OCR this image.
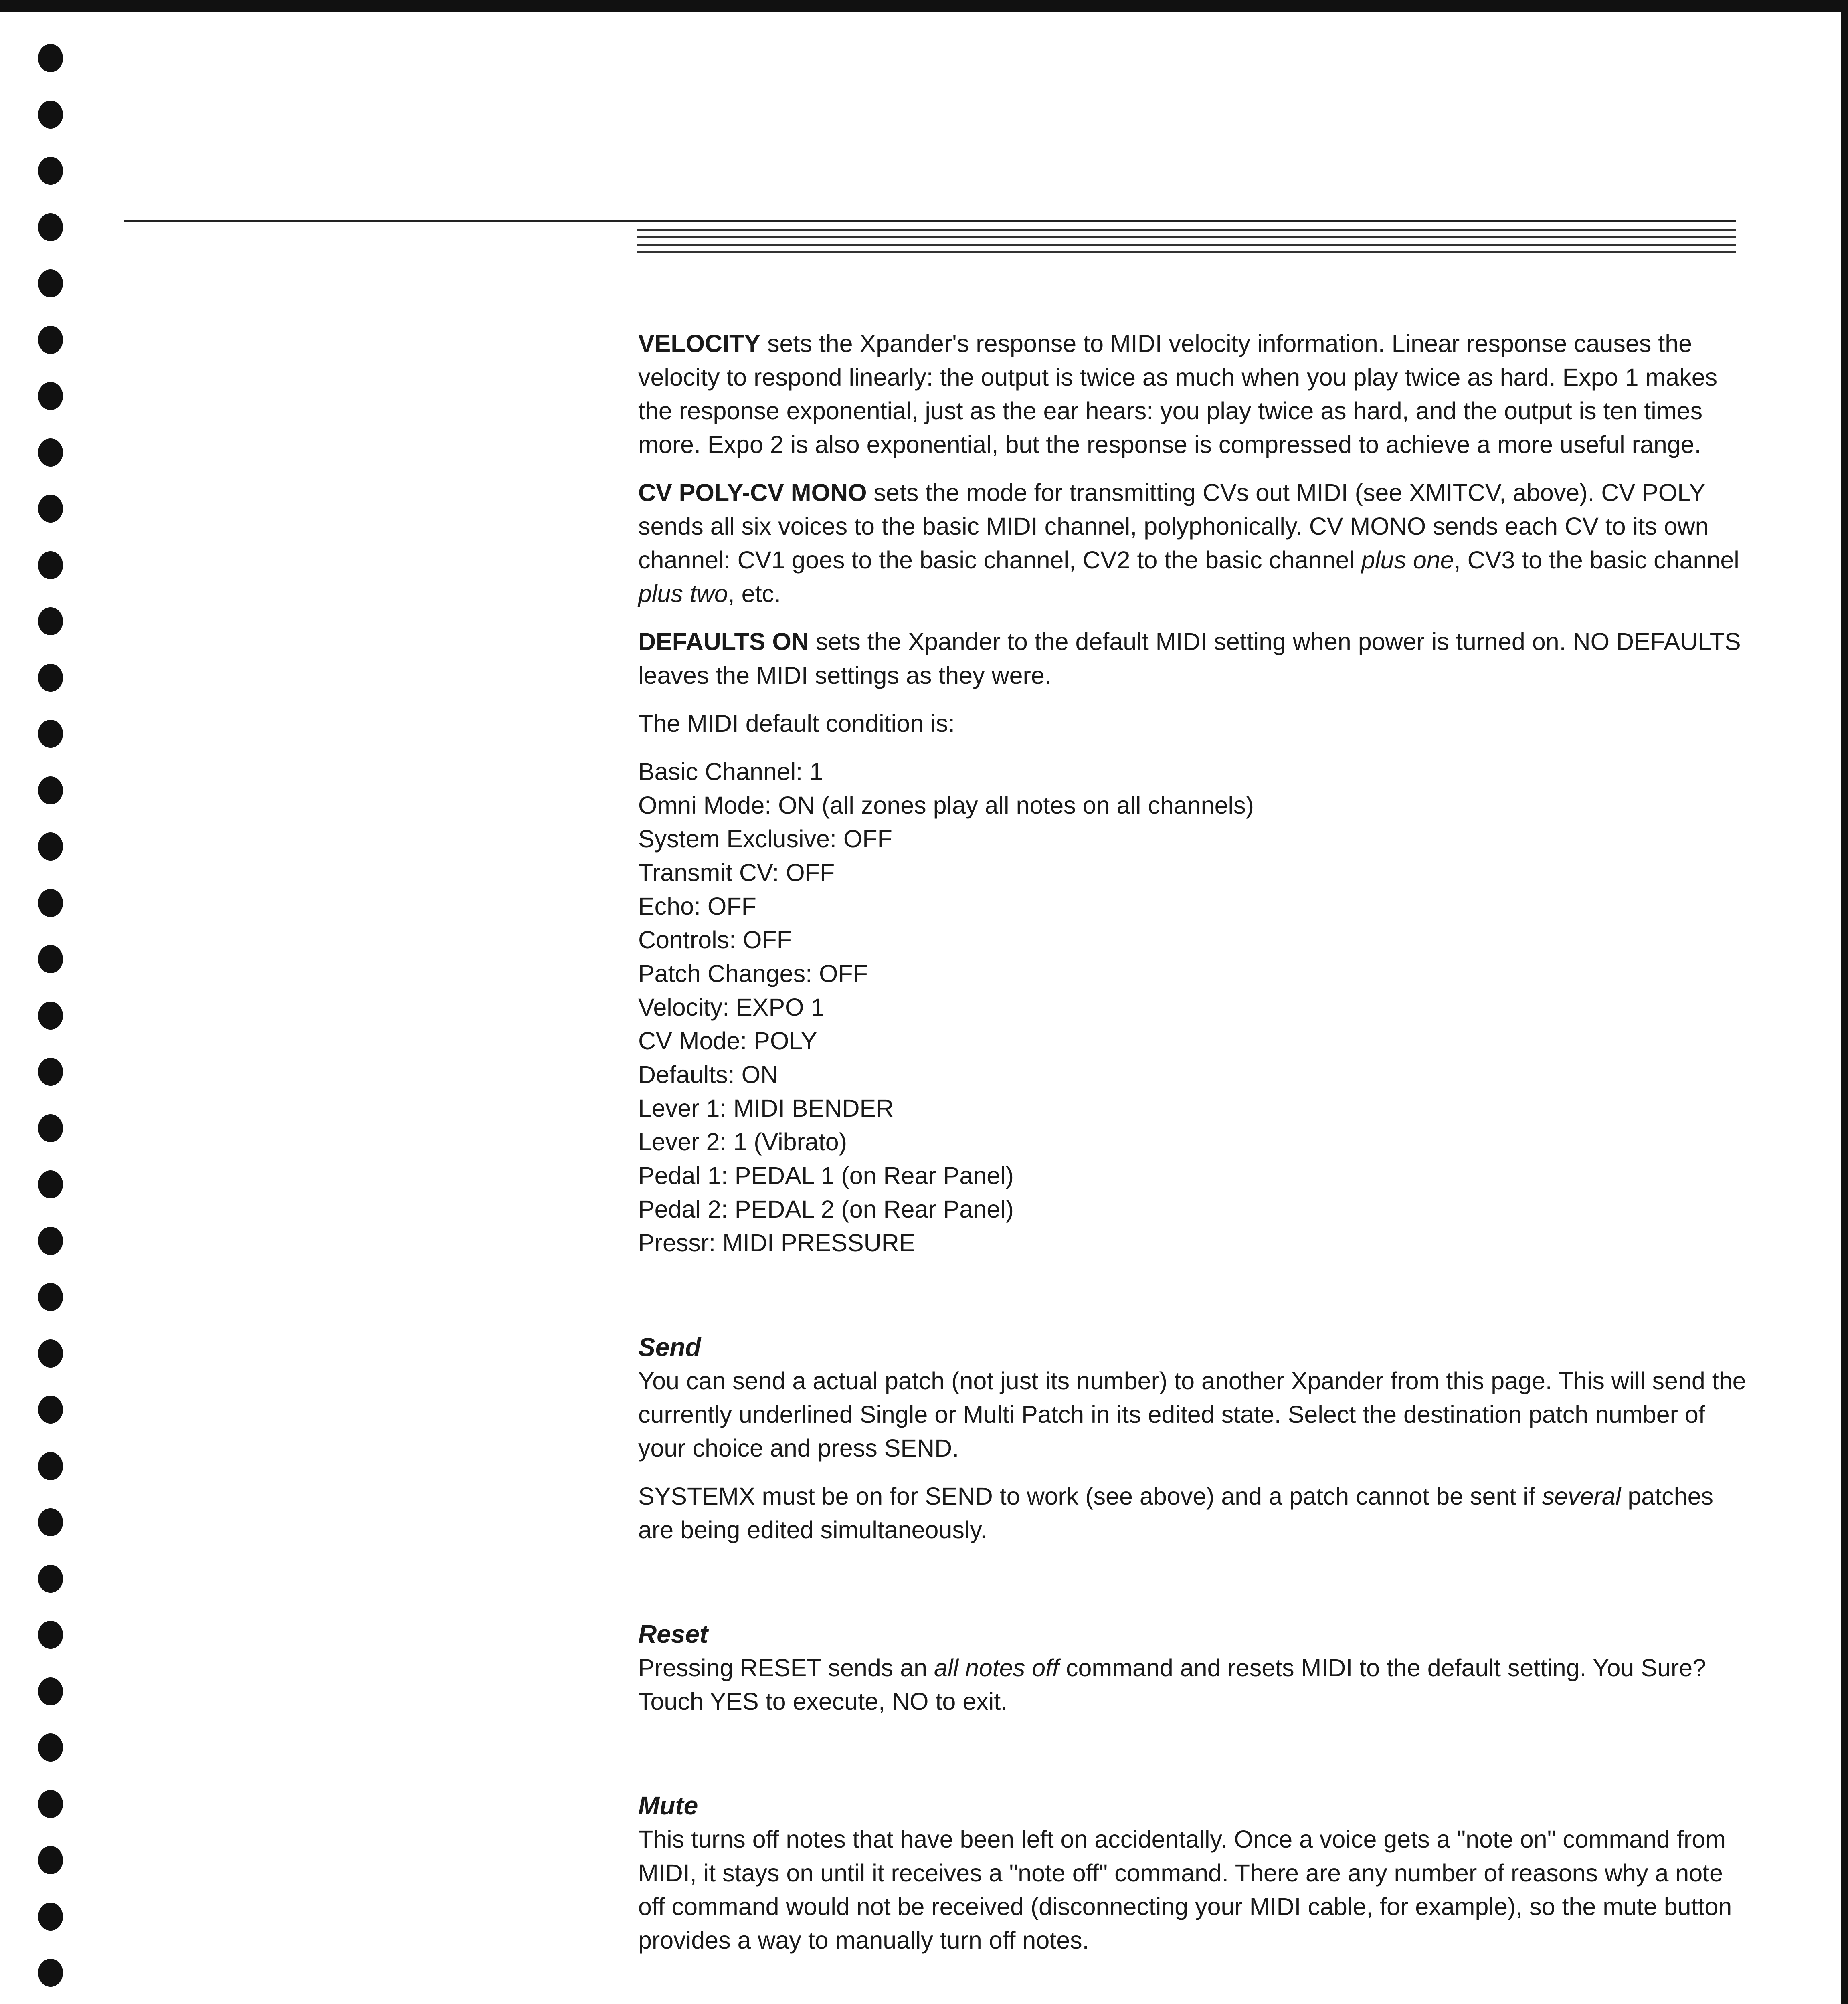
VELOCITY sets the Xpander's response to MIDI velocity information. Linear response causes the velocity to respond linearly: the output is twice as much when you play twice as hard. Expo 1 makes the response exponential, just as the ear hears: you play twice as hard, and the output is ten times more. Expo 2 is also exponential, but the response is compressed to achieve a more useful range.

CV POLY-CV MONO sets the mode for transmitting CVs out MIDI (see XMITCV, above). CV POLY sends all six voices to the basic MIDI channel, polyphonically. CV MONO sends each CV to its own channel: CV1 goes to the basic channel, CV2 to the basic channel plus one, CV3 to the basic channel plus two, etc.

DEFAULTS ON sets the Xpander to the default MIDI setting when power is turned on. NO DEFAULTS leaves the MIDI settings as they were.

The MIDI default condition is:

Basic Channel: 1
Omni Mode: ON (all zones play all notes on all channels)
System Exclusive: OFF
Transmit CV: OFF
Echo: OFF
Controls: OFF
Patch Changes: OFF
Velocity: EXPO 1
CV Mode: POLY
Defaults: ON
Lever 1: MIDI BENDER
Lever 2: 1 (Vibrato)
Pedal 1: PEDAL 1 (on Rear Panel)
Pedal 2: PEDAL 2 (on Rear Panel)
Pressr: MIDI PRESSURE
Send

You can send a actual patch (not just its number) to another Xpander from this page. This will send the currently underlined Single or Multi Patch in its edited state. Select the destination patch number of your choice and press SEND.

SYSTEMX must be on for SEND to work (see above) and a patch cannot be sent if several patches are being edited simultaneously.

Reset

Pressing RESET sends an all notes off command and resets MIDI to the default setting. You Sure? Touch YES to execute, NO to exit.

Mute

This turns off notes that have been left on accidentally. Once a voice gets a "note on" command from MIDI, it stays on until it receives a "note off" command. There are any number of reasons why a note off command would not be received (disconnecting your MIDI cable, for example), so the mute button provides a way to manually turn off notes.
